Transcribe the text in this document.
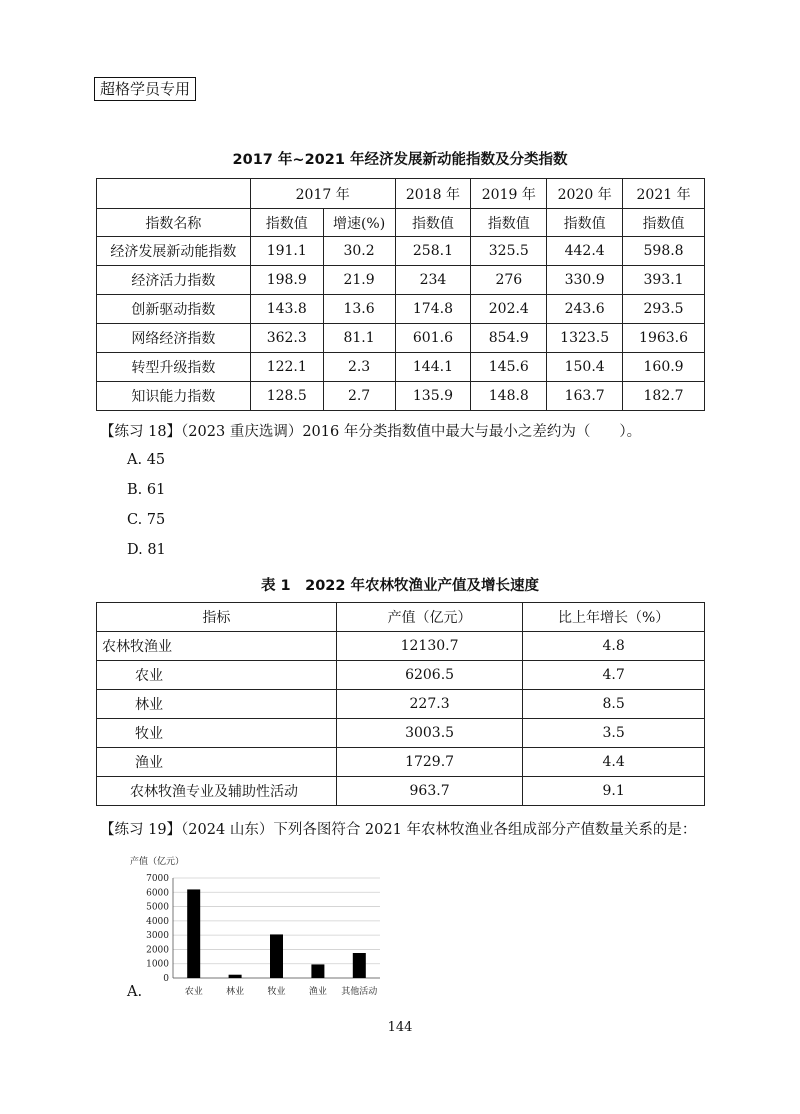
超格学员专用
2017 年~2021 年经济发展新动能指数及分类指数
	2017 年		2018 年	2019 年	2020 年	2021 年
指数名称	指数值	增速(%)	指数值	指数值	指数值	指数值
经济发展新动能指数	191.1	30.2	258.1	325.5	442.4	598.8
经济活力指数	198.9	21.9	234	276	330.9	393.1
创新驱动指数	143.8	13.6	174.8	202.4	243.6	293.5
网络经济指数	362.3	81.1	601.6	854.9	1323.5	1963.6
转型升级指数	122.1	2.3	144.1	145.6	150.4	160.9
知识能力指数	128.5	2.7	135.9	148.8	163.7	182.7
【练习 18】（2023 重庆选调）2016 年分类指数值中最大与最小之差约为（　　）。
A. 45
B. 61
C. 75
D. 81
表 1　2022 年农林牧渔业产值及增长速度
指标	产值（亿元）	比上年增长（%）
农林牧渔业	12130.7	4.8
农业	6206.5	4.7
林业	227.3	8.5
牧业	3003.5	3.5
渔业	1729.7	4.4
农林牧渔专业及辅助性活动	963.7	9.1
【练习 19】（2024 山东）下列各图符合 2021 年农林牧渔业各组成部分产值数量关系的是：
产值（亿元）
0
1000
2000
3000
4000
5000
6000
7000
农业	林业	牧业	渔业 其他活动
A.
144
